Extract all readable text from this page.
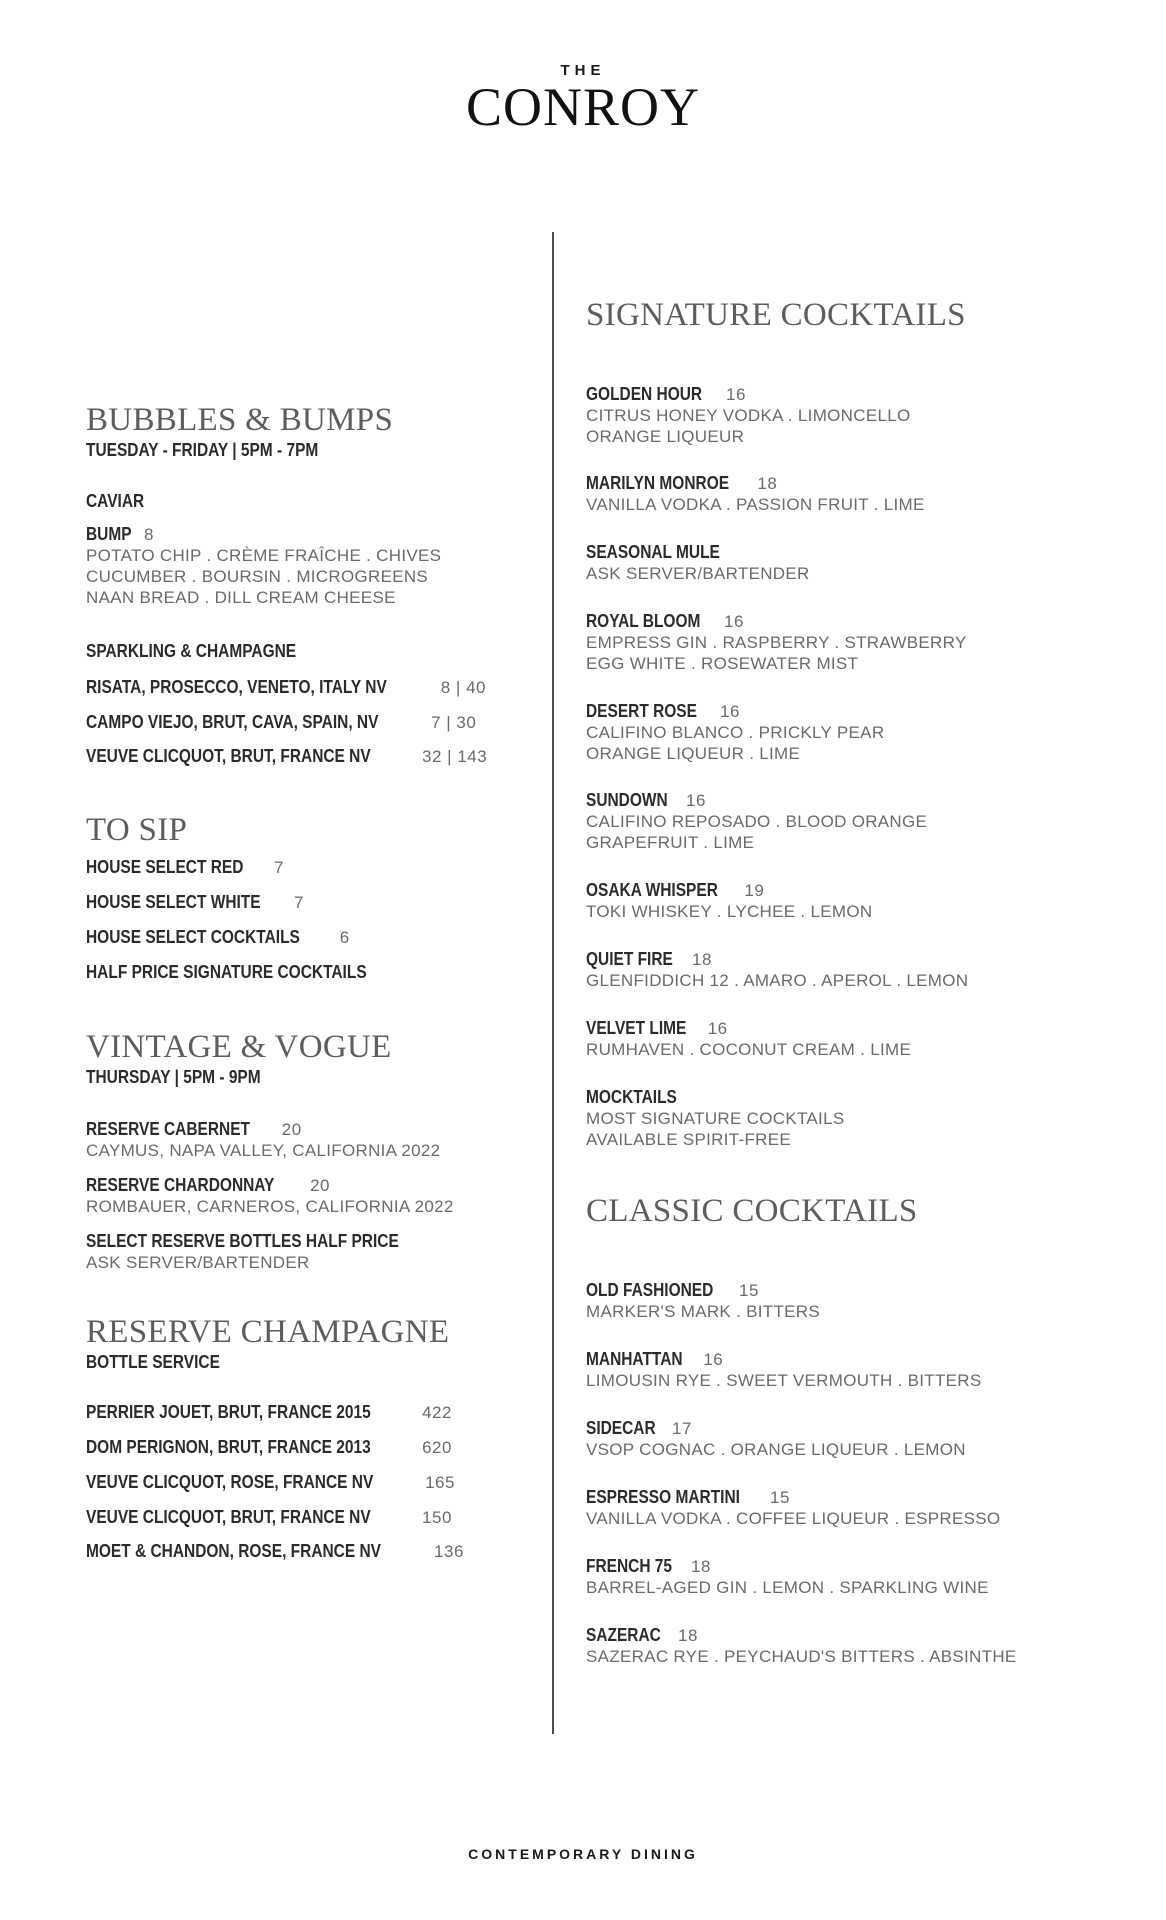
THE
CONROY
BUBBLES & BUMPS
TUESDAY - FRIDAY | 5PM - 7PM
CAVIAR
BUMP 8
POTATO CHIP . CRÈME FRAÎCHE . CHIVES
CUCUMBER . BOURSIN . MICROGREENS
NAAN BREAD . DILL CREAM CHEESE
SPARKLING & CHAMPAGNE
RISATA, PROSECCO, VENETO, ITALY NV	8 | 40
CAMPO VIEJO, BRUT, CAVA, SPAIN, NV	7 | 30
VEUVE CLICQUOT, BRUT, FRANCE NV	32 | 143
TO SIP
HOUSE SELECT RED 7
HOUSE SELECT WHITE 7
HOUSE SELECT COCKTAILS 6
HALF PRICE SIGNATURE COCKTAILS
VINTAGE & VOGUE
THURSDAY | 5PM - 9PM
RESERVE CABERNET 20
CAYMUS, NAPA VALLEY, CALIFORNIA 2022
RESERVE CHARDONNAY 20
ROMBAUER, CARNEROS, CALIFORNIA 2022
SELECT RESERVE BOTTLES HALF PRICE
ASK SERVER/BARTENDER
RESERVE CHAMPAGNE
BOTTLE SERVICE
PERRIER JOUET, BRUT, FRANCE 2015	422
DOM PERIGNON, BRUT, FRANCE 2013	620
VEUVE CLICQUOT, ROSE, FRANCE NV	165
VEUVE CLICQUOT, BRUT, FRANCE NV	150
MOET & CHANDON, ROSE, FRANCE NV	136
SIGNATURE COCKTAILS
GOLDEN HOUR 16
CITRUS HONEY VODKA . LIMONCELLO
ORANGE LIQUEUR
MARILYN MONROE 18
VANILLA VODKA . PASSION FRUIT . LIME
SEASONAL MULE
ASK SERVER/BARTENDER
ROYAL BLOOM 16
EMPRESS GIN . RASPBERRY . STRAWBERRY
EGG WHITE . ROSEWATER MIST
DESERT ROSE 16
CALIFINO BLANCO . PRICKLY PEAR
ORANGE LIQUEUR . LIME
SUNDOWN 16
CALIFINO REPOSADO . BLOOD ORANGE
GRAPEFRUIT . LIME
OSAKA WHISPER 19
TOKI WHISKEY . LYCHEE . LEMON
QUIET FIRE 18
GLENFIDDICH 12 . AMARO . APEROL . LEMON
VELVET LIME 16
RUMHAVEN . COCONUT CREAM . LIME
MOCKTAILS
MOST SIGNATURE COCKTAILS
AVAILABLE SPIRIT-FREE
CLASSIC COCKTAILS
OLD FASHIONED 15
MARKER'S MARK . BITTERS
MANHATTAN 16
LIMOUSIN RYE . SWEET VERMOUTH . BITTERS
SIDECAR 17
VSOP COGNAC . ORANGE LIQUEUR . LEMON
ESPRESSO MARTINI 15
VANILLA VODKA . COFFEE LIQUEUR . ESPRESSO
FRENCH 75 18
BARREL-AGED GIN . LEMON . SPARKLING WINE
SAZERAC 18
SAZERAC RYE . PEYCHAUD'S BITTERS . ABSINTHE
CONTEMPORARY DINING
